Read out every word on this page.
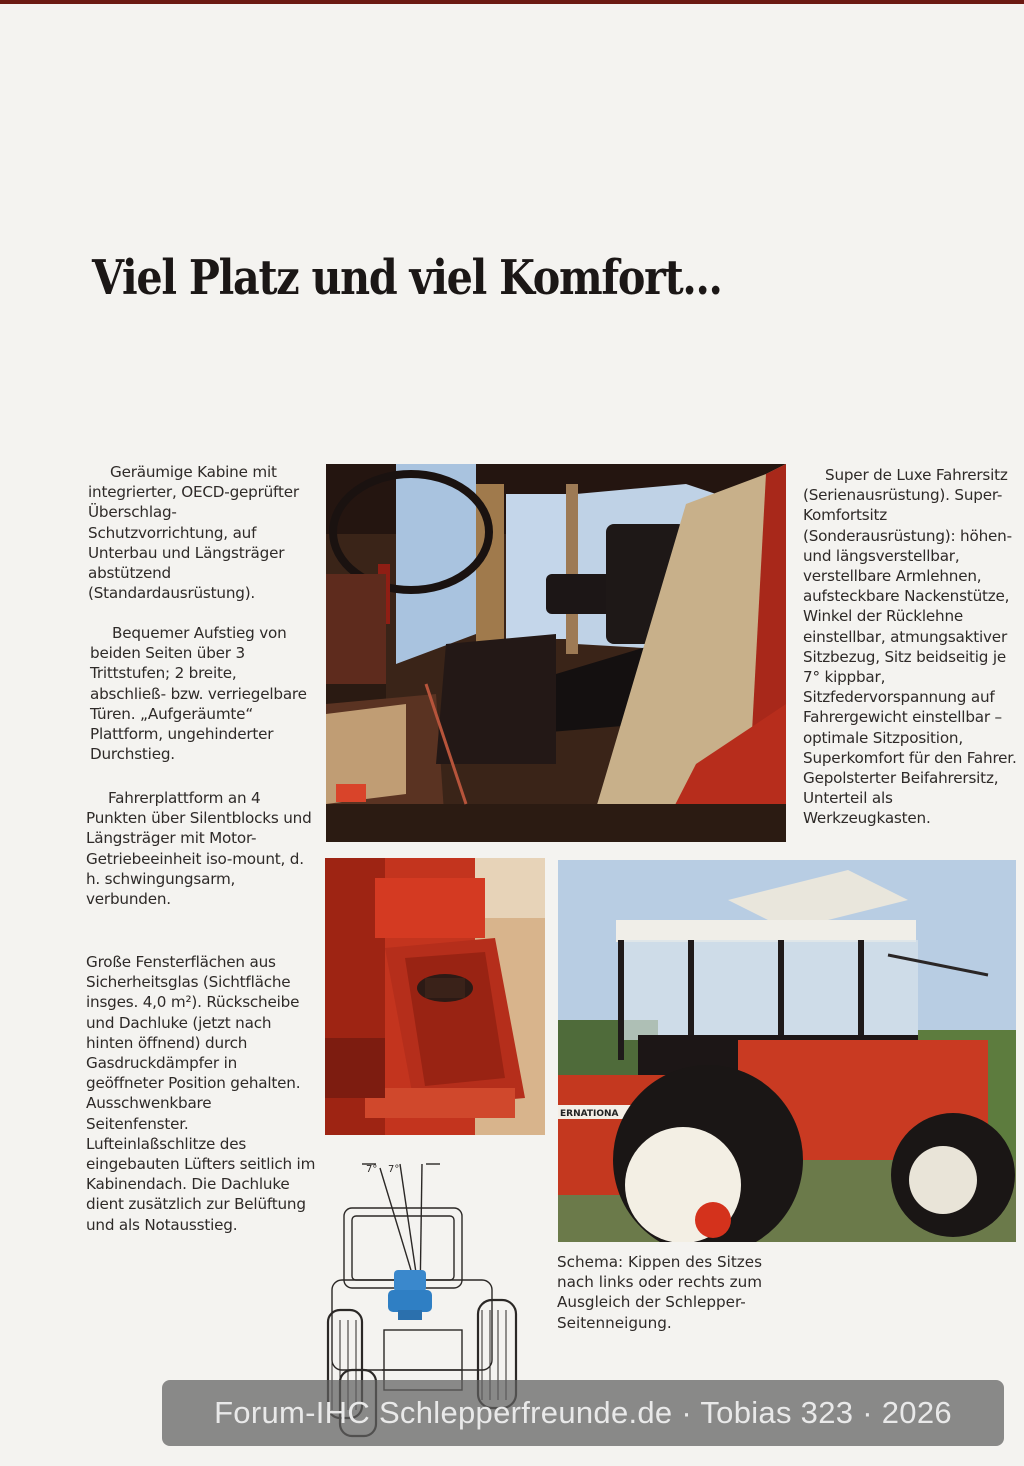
Viel Platz und viel Komfort...

Geräumige Kabine mit integrierter, OECD-geprüfter Überschlag-Schutzvorrichtung, auf Unterbau und Längsträger abstützend (Standardausrüstung).

Bequemer Aufstieg von beiden Seiten über 3 Trittstufen; 2 breite, abschließ- bzw. verriegelbare Türen. „Aufgeräumte“ Plattform, ungehinderter Durchstieg.

Fahrerplattform an 4 Punkten über Silentblocks und Längsträger mit Motor-Getriebeeinheit iso-mount, d. h. schwingungsarm, verbunden.

Große Fensterflächen aus Sicherheitsglas (Sichtfläche insges. 4,0 m²). Rückscheibe und Dachluke (jetzt nach hinten öffnend) durch Gasdruckdämpfer in geöffneter Position gehalten. Ausschwenkbare Seitenfenster. Lufteinlaßschlitze des eingebauten Lüfters seitlich im Kabinendach. Die Dachluke dient zusätzlich zur Belüftung und als Notausstieg.

Super de Luxe Fahrersitz (Serienausrüstung). Super-Komfortsitz (Sonderausrüstung): höhen- und längsverstellbar, verstellbare Armlehnen, aufsteckbare Nackenstütze, Winkel der Rücklehne einstellbar, atmungsaktiver Sitzbezug, Sitz beidseitig je 7° kippbar, Sitzfedervorspannung auf Fahrergewicht einstellbar – optimale Sitzposition, Superkomfort für den Fahrer. Gepolsterter Beifahrersitz, Unterteil als Werkzeugkasten.

ERNATIONA
7° 7°
Schema: Kippen des Sitzes nach links oder rechts zum Ausgleich der Schlepper-Seitenneigung.
Forum-IHC Schlepperfreunde.de · Tobias 323 · 2026
